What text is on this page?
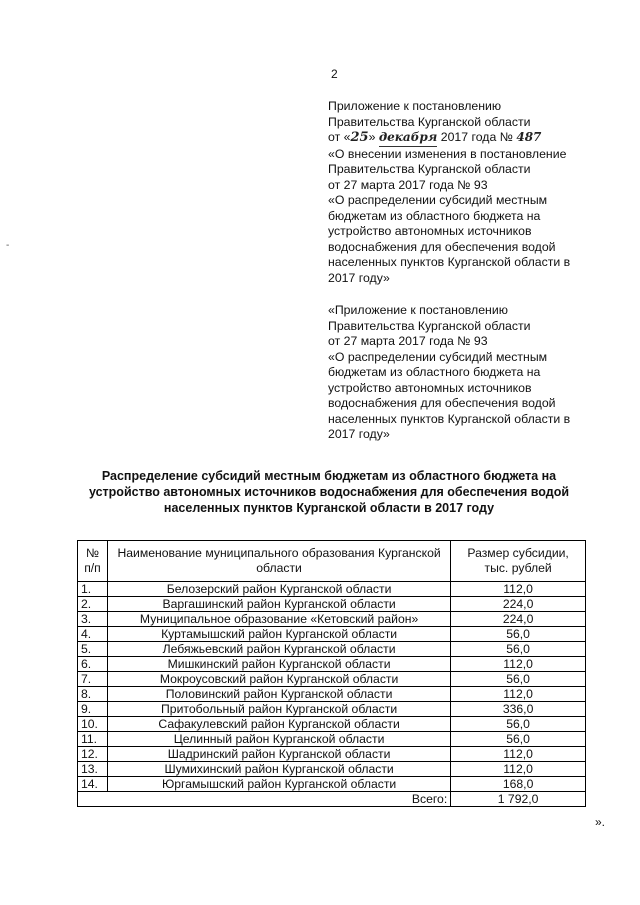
2
-
Приложение к постановлению
Правительства Курганской области
от «25» декабря 2017 года № 487
«О внесении изменения в постановление
Правительства Курганской области
от 27 марта 2017 года № 93
«О распределении субсидий местным
бюджетам из областного бюджета на
устройство автономных источников
водоснабжения для обеспечения водой
населенных пунктов Курганской области в
2017 году»
«Приложение к постановлению
Правительства Курганской области
от 27 марта 2017 года № 93
«О распределении субсидий местным
бюджетам из областного бюджета на
устройство автономных источников
водоснабжения для обеспечения водой
населенных пунктов Курганской области в
2017 году»
Распределение субсидий местным бюджетам из областного бюджета на
устройство автономных источников водоснабжения для обеспечения водой
населенных пунктов Курганской области в 2017 году
№
п/п	Наименование муниципального образования Курганской области	Размер субсидии,
тыс. рублей
1.	Белозерский район Курганской области	112,0
2.	Варгашинский район Курганской области	224,0
3.	Муниципальное образование «Кетовский район»	224,0
4.	Куртамышский район Курганской области	56,0
5.	Лебяжьевский район Курганской области	56,0
6.	Мишкинский район Курганской области	112,0
7.	Мокроусовский район Курганской области	56,0
8.	Половинский район Курганской области	112,0
9.	Притобольный район Курганской области	336,0
10.	Сафакулевский район Курганской области	56,0
11.	Целинный район Курганской области	56,0
12.	Шадринский район Курганской области	112,0
13.	Шумихинский район Курганской области	112,0
14.	Юргамышский район Курганской области	168,0
Всего:		1 792,0
».
